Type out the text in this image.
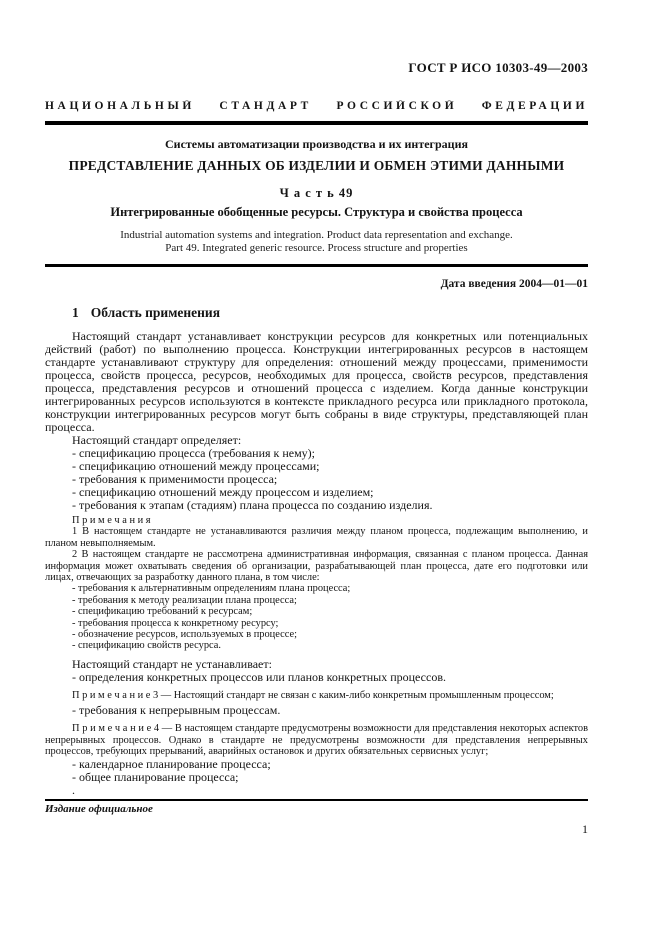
ГОСТ Р ИСО 10303-49—2003
НАЦИОНАЛЬНЫЙ СТАНДАРТ РОССИЙСКОЙ ФЕДЕРАЦИИ
Системы автоматизации производства и их интеграция
ПРЕДСТАВЛЕНИЕ ДАННЫХ ОБ ИЗДЕЛИИ И ОБМЕН ЭТИМИ ДАННЫМИ
Ч а с т ь 49
Интегрированные обобщенные ресурсы. Структура и свойства процесса
Industrial automation systems and integration. Product data representation and exchange.
Part 49. Integrated generic resource. Process structure and properties
Дата введения 2004—01—01
1 Область применения
Настоящий стандарт устанавливает конструкции ресурсов для конкретных или потенциальных действий (работ) по выполнению процесса. Конструкции интегрированных ресурсов в настоящем стандарте устанавливают структуру для определения: отношений между процессами, применимости процесса, свойств процесса, ресурсов, необходимых для процесса, свойств ресурсов, представления процесса, представления ресурсов и отношений процесса с изделием. Когда данные конструкции интегрированных ресурсов используются в контексте прикладного ресурса или прикладного протокола, конструкции интегрированных ресурсов могут быть собраны в виде структуры, представляющей план процесса.
Настоящий стандарт определяет:
- спецификацию процесса (требования к нему);
- спецификацию отношений между процессами;
- требования к применимости процесса;
- спецификацию отношений между процессом и изделием;
- требования к этапам (стадиям) плана процесса по созданию изделия.
П р и м е ч а н и я
1 В настоящем стандарте не устанавливаются различия между планом процесса, подлежащим выполнению, и планом невыполняемым.
2 В настоящем стандарте не рассмотрена административная информация, связанная с планом процесса. Данная информация может охватывать сведения об организации, разрабатывающей план процесса, дате его подготовки или лицах, отвечающих за разработку данного плана, в том числе:
- требования к альтернативным определениям плана процесса;
- требования к методу реализации плана процесса;
- спецификацию требований к ресурсам;
- требования процесса к конкретному ресурсу;
- обозначение ресурсов, используемых в процессе;
- спецификацию свойств ресурса.
Настоящий стандарт не устанавливает:
- определения конкретных процессов или планов конкретных процессов.
П р и м е ч а н и е 3 — Настоящий стандарт не связан с каким-либо конкретным промышленным процессом;
- требования к непрерывным процессам.
П р и м е ч а н и е 4 — В настоящем стандарте предусмотрены возможности для представления некоторых аспектов непрерывных процессов. Однако в стандарте не предусмотрены возможности для представления непрерывных процессов, требующих прерываний, аварийных остановок и других обязательных сервисных услуг;
- календарное планирование процесса;
- общее планирование процесса;
.
Издание официальное
1
